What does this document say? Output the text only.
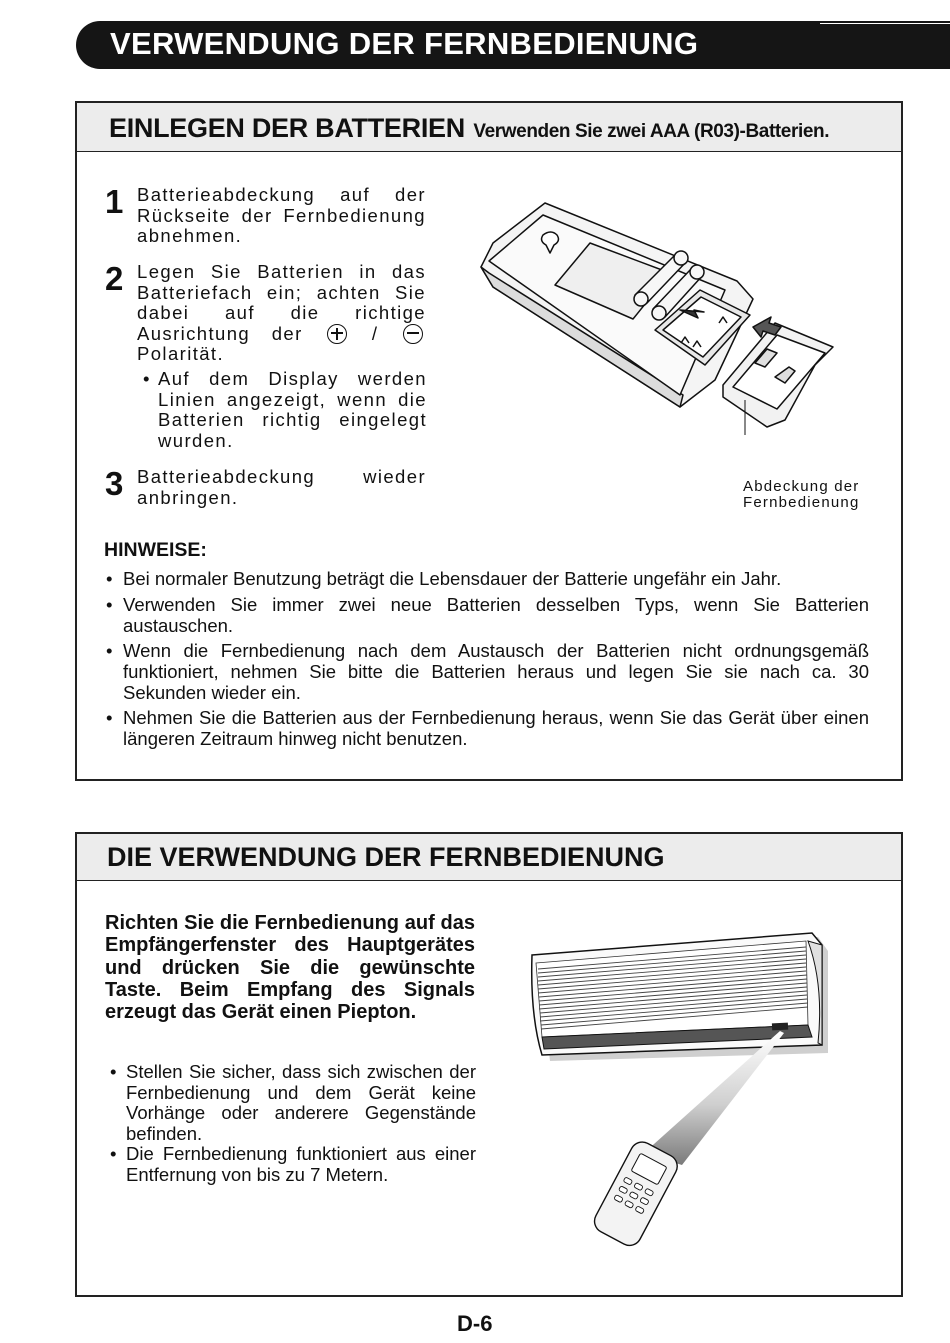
VERWENDUNG DER FERNBEDIENUNG
EINLEGEN DER BATTERIEN Verwenden Sie zwei AAA (R03)-Batterien.
1 Batterieabdeckung auf der Rückseite der Fernbedienung abnehmen.
2 Legen Sie Batterien in das Batteriefach ein; achten Sie dabei auf die richtige Ausrichtung der	/  Polarität.
• Auf dem Display werden Linien angezeigt, wenn die Batterien richtig eingelegt wurden.
3 Batterieabdeckung wieder anbringen.	Abdeckung der Fernbedienung
HINWEISE:
• Bei normaler Benutzung beträgt die Lebensdauer der Batterie ungefähr ein Jahr.
• Verwenden Sie immer zwei neue Batterien desselben Typs, wenn Sie Batterien austauschen.
• Wenn die Fernbedienung nach dem Austausch der Batterien nicht ordnungsgemäß funktioniert, nehmen Sie bitte die Batterien heraus und legen Sie sie nach ca. 30 Sekunden wieder ein.
• Nehmen Sie die Batterien aus der Fernbedienung heraus, wenn Sie das Gerät über einen längeren Zeitraum hinweg nicht benutzen.
DIE VERWENDUNG DER FERNBEDIENUNG
Richten Sie die Fernbedienung auf das Empfängerfenster des Hauptgerätes und drücken Sie die gewünschte Taste. Beim Empfang des Signals erzeugt das Gerät einen Piepton.
• Stellen Sie sicher, dass sich zwischen der Fernbedienung und dem Gerät keine Vorhänge oder anderere Gegenstände befinden.
• Die Fernbedienung funktioniert aus einer Entfernung von bis zu 7 Metern.
D-6
